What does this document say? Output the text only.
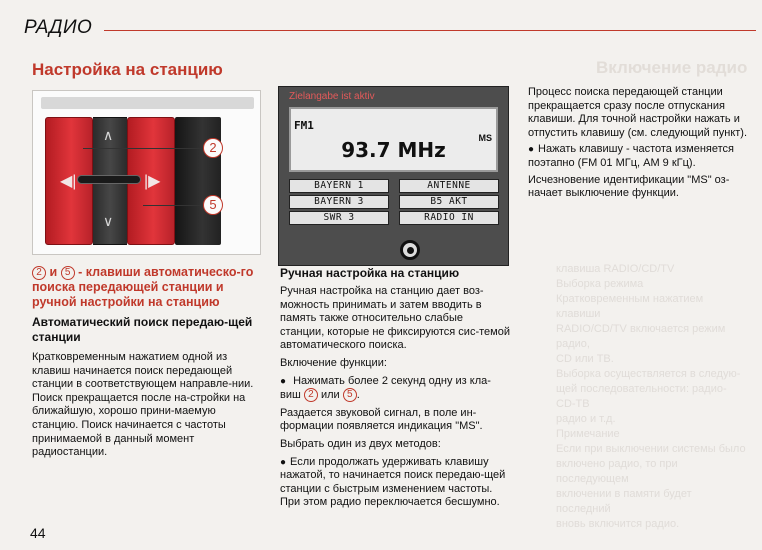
РАДИО
Настройка на станцию	Включение радио
клавиша RADIO/CD/TV
Выборка режима
Кратковременным нажатием клавиши
RADIO/CD/TV включается режим радио,
CD или TB.
Выборка осуществляется в следую-
щей последовательности: радио-CD-TB
радио и т.д.
Примечание
Если при выключении системы было
включено радио, то при последующем
включении в памяти будет последний
вновь включится радио.
◀|
∧
∨
|▶
2
5
2 и 5 - клавиши автоматическо-го поиска передающей станции и ручной настройки на станцию
Автоматический поиск передаю-щей станции
Кратковременным нажатием одной из клавиш начинается поиск передающей станции в соответствующем направле-нии. Поиск прекращается после на-стройки на ближайшую, хорошо прини-маемую станцию. Поиск начинается с частоты принимаемой в данный момент радиостанции.
Zielangabe ist aktiv
FM1
93.7 MHz	MS
BAYERN 1	ANTENNE
BAYERN 3	B5 AKT
SWR 3	RADIO IN
Ручная настройка на станцию

Ручная настройка на станцию дает воз-можность принимать и затем вводить в память также относительно слабые станции, которые не фиксируются сис-темой автоматического поиска.

Включение функции:

● Нажимать более 2 секунд одну из кла-виш 2 или 5 .

Раздается звуковой сигнал, в поле ин-формации появляется индикация "MS".

Выбрать один из двух методов:

● Если продолжать удерживать клавишу нажатой, то начинается поиск передаю-щей станции с быстрым изменением частоты. При этом радио переключается бесшумно.

Процесс поиска передающей станции прекращается сразу после отпускания клавиши. Для точной настройки нажать и отпустить клавишу (см. следующий пункт).

● Нажать клавишу - частота изменяется поэтапно (FM 01 МГц, AM 9 кГц).

Исчезновение идентификации "MS" оз-начает выключение функции.

44
